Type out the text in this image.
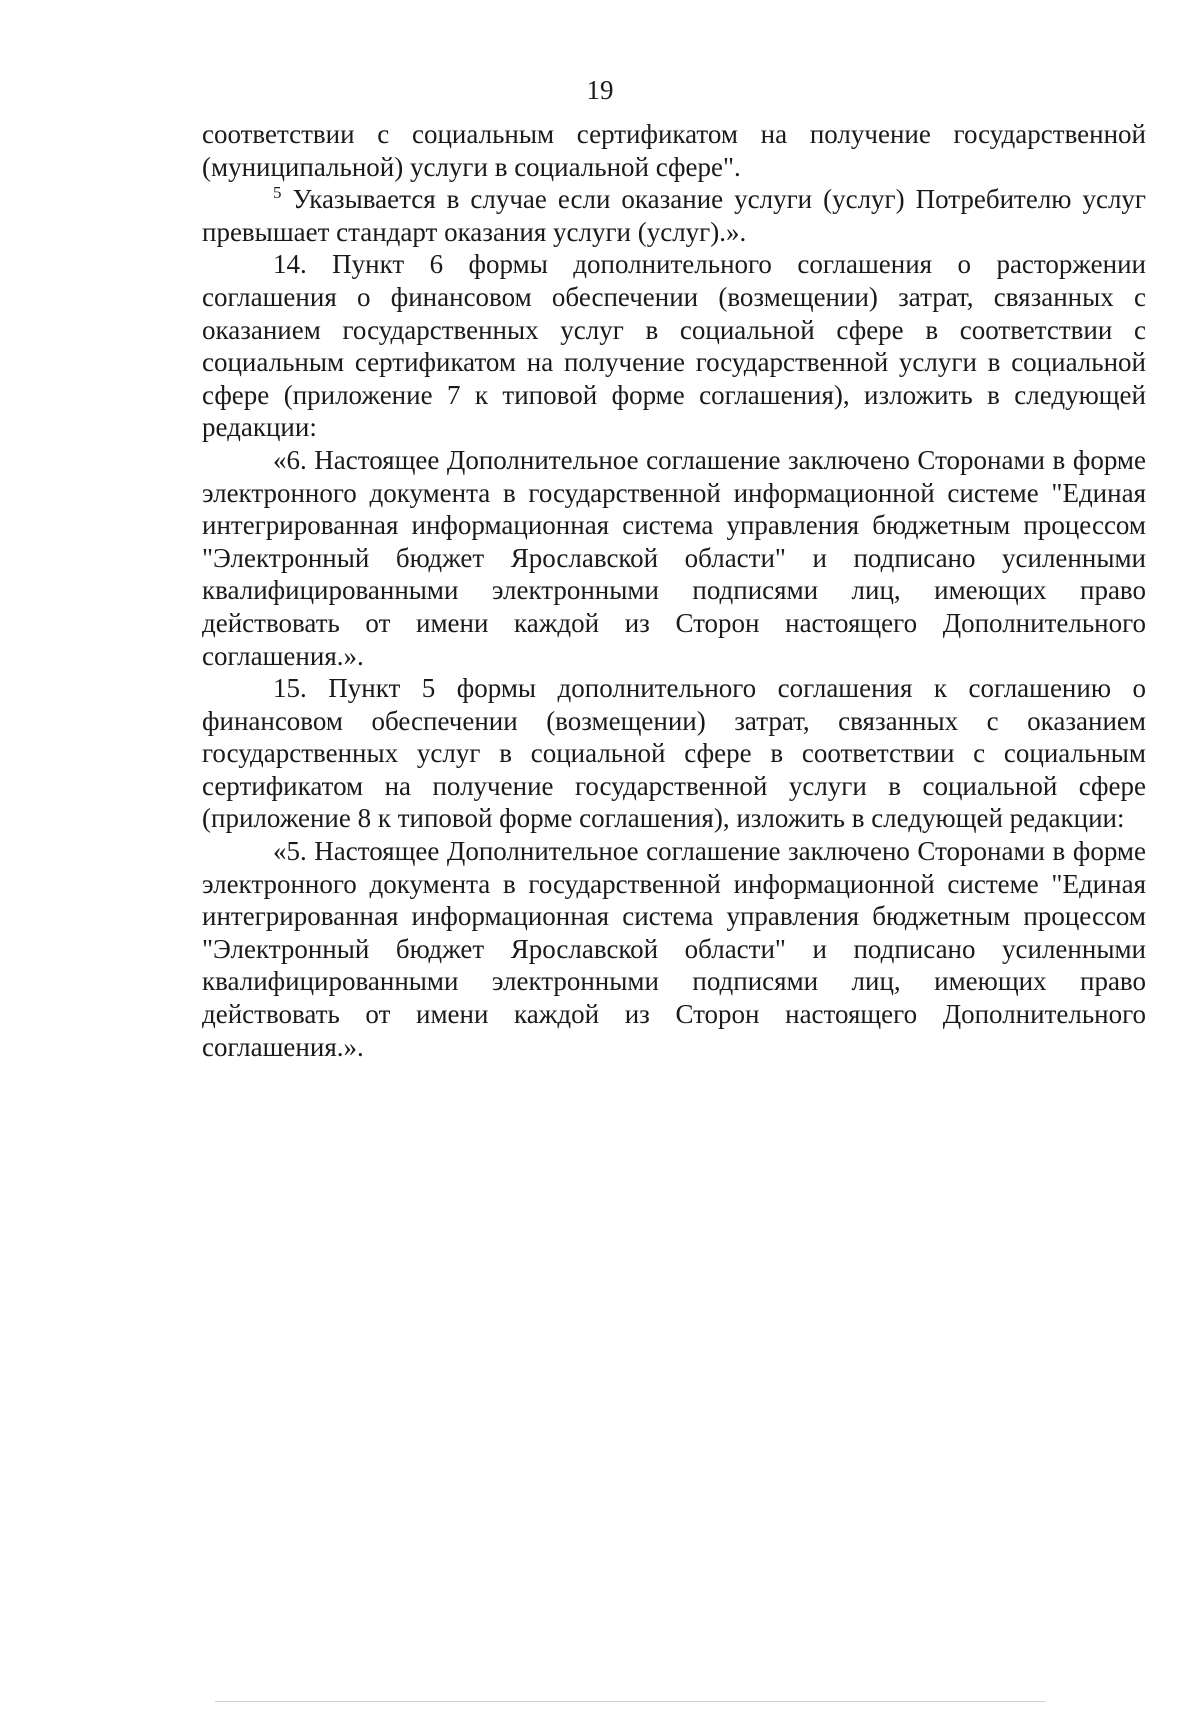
19

соответствии с социальным сертификатом на получение государственной (муниципальной) услуги в социальной сфере".

$^5$ Указывается в случае если оказание услуги (услуг) Потребителю услуг превышает стандарт оказания услуги (услуг).».

14. Пункт 6 формы дополнительного соглашения о расторжении соглашения о финансовом обеспечении (возмещении) затрат, связанных с оказанием государственных услуг в социальной сфере в соответствии с социальным сертификатом на получение государственной услуги в социальной сфере (приложение 7 к типовой форме соглашения), изложить в следующей редакции:

«6. Настоящее Дополнительное соглашение заключено Сторонами в форме электронного документа в государственной информационной системе "Единая интегрированная информационная система управления бюджетным процессом "Электронный бюджет Ярославской области" и подписано усиленными квалифицированными электронными подписями лиц, имеющих право действовать от имени каждой из Сторон настоящего Дополнительного соглашения.».

15. Пункт 5 формы дополнительного соглашения к соглашению о финансовом обеспечении (возмещении) затрат, связанных с оказанием государственных услуг в социальной сфере в соответствии с социальным сертификатом на получение государственной услуги в социальной сфере (приложение 8 к типовой форме соглашения), изложить в следующей редакции:

«5. Настоящее Дополнительное соглашение заключено Сторонами в форме электронного документа в государственной информационной системе "Единая интегрированная информационная система управления бюджетным процессом "Электронный бюджет Ярославской области" и подписано усиленными квалифицированными электронными подписями лиц, имеющих право действовать от имени каждой из Сторон настоящего Дополнительного соглашения.».
